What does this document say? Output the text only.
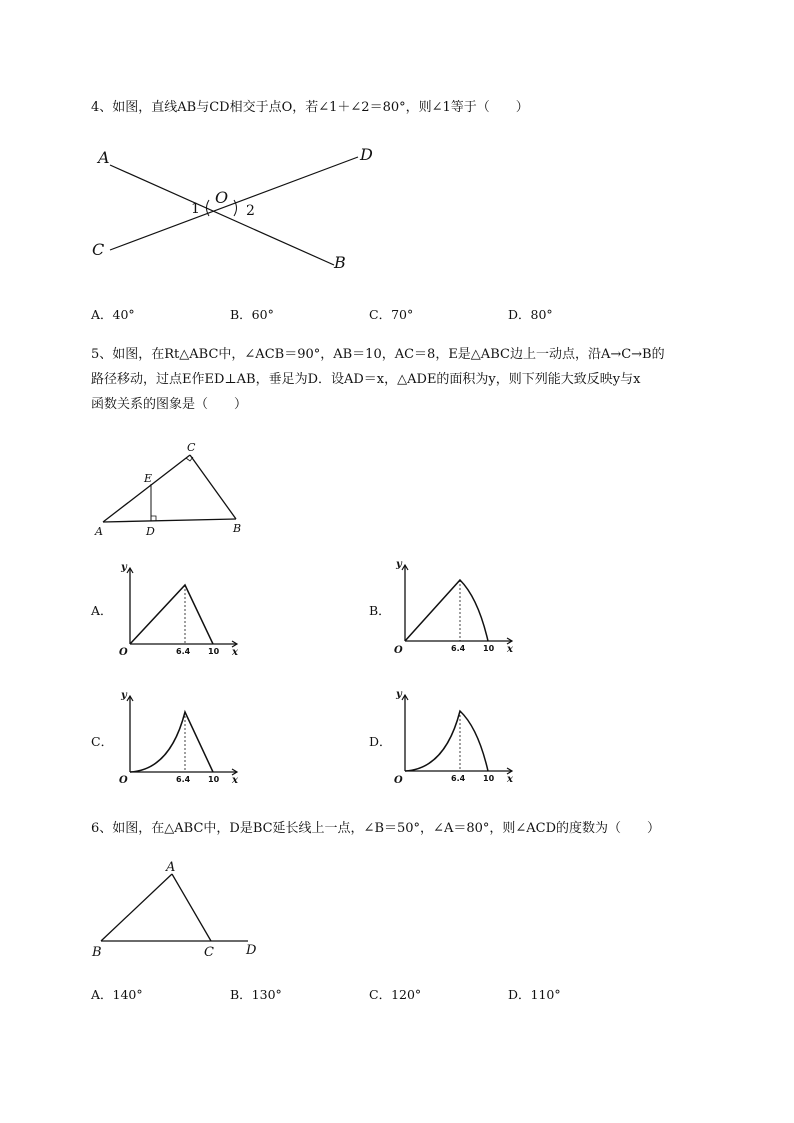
4、如图，直线AB与CD相交于点O，若∠1＋∠2＝80°，则∠1等于（　　）
A	D
C
B
O
1	2
A．40°	B．60°	C．70°	D．80°
5、如图，在Rt△ABC中，∠ACB＝90°，AB＝10，AC＝8，E是△ABC边上一动点，沿A→C→B的
路径移动，过点E作ED⊥AB，垂足为D．设AD＝x，△ADE的面积为y，则下列能大致反映y与x
函数关系的图象是（　　）
A	B
C
D
E
A．
y
x
O	6.4 10
B．
y
x
O	6.4 10
C．
y
x
O	6.4 10
D．
y
x
O	6.4 10
6、如图，在△ABC中，D是BC延长线上一点，∠B＝50°，∠A＝80°，则∠ACD的度数为（　　）
A
B	C D
A．140°	B．130°	C．120°	D．110°
